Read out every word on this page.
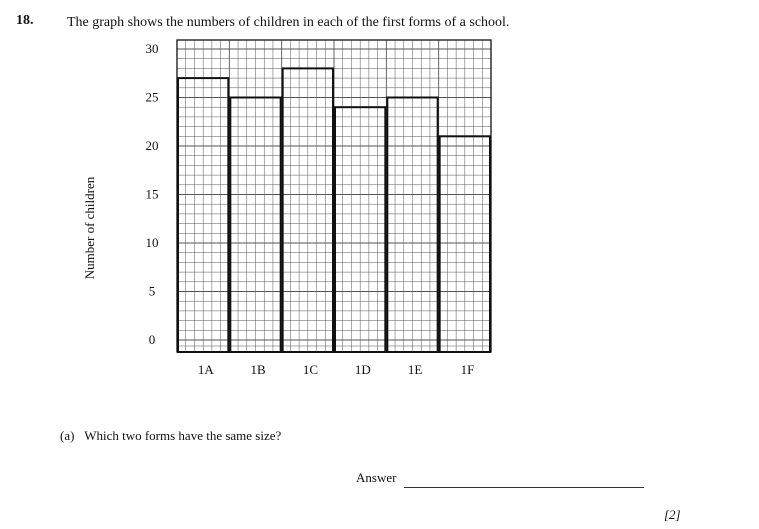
18. The graph shows the numbers of children in each of the first forms of a school.
Number of children
0
5
10
15
20
25
30
1A	1B	1C	1D	1E	1F
(a) Which two forms have the same size?
Answer
[2]
